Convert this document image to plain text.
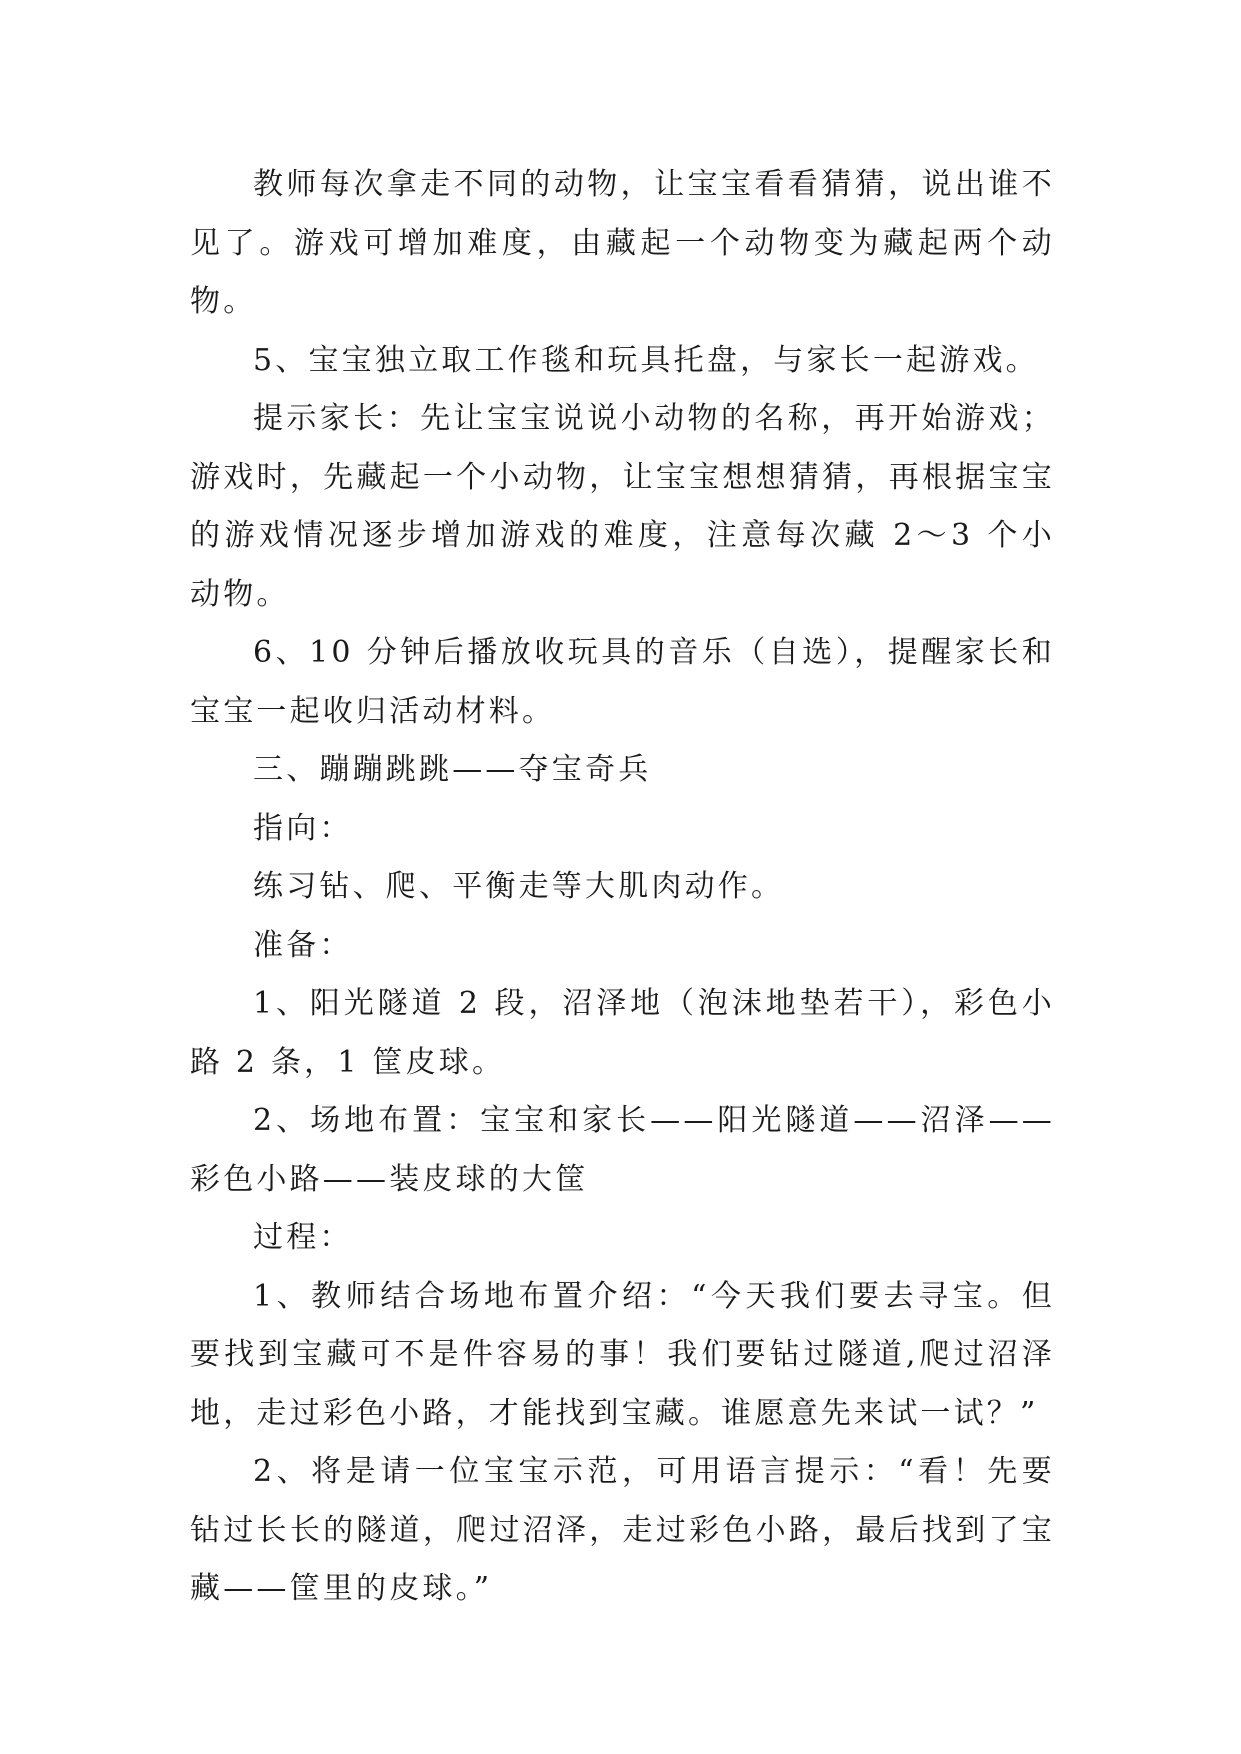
教师每次拿走不同的动物，让宝宝看看猜猜，说出谁不见了。游戏可增加难度，由藏起一个动物变为藏起两个动物。

5、宝宝独立取工作毯和玩具托盘，与家长一起游戏。

提示家长：先让宝宝说说小动物的名称，再开始游戏；游戏时，先藏起一个小动物，让宝宝想想猜猜，再根据宝宝的游戏情况逐步增加游戏的难度，注意每次藏 2～3 个小动物。

6、10 分钟后播放收玩具的音乐（自选），提醒家长和宝宝一起收归活动材料。

三、蹦蹦跳跳——夺宝奇兵

指向：

练习钻、爬、平衡走等大肌肉动作。

准备：

1、阳光隧道 2 段，沼泽地（泡沫地垫若干），彩色小路 2 条，1 筐皮球。

2、场地布置：宝宝和家长——阳光隧道——沼泽——彩色小路——装皮球的大筐

过程：

1、教师结合场地布置介绍：“今天我们要去寻宝。但要找到宝藏可不是件容易的事！我们要钻过隧道,爬过沼泽地，走过彩色小路，才能找到宝藏。谁愿意先来试一试？”

2、将是请一位宝宝示范，可用语言提示：“看！先要钻过长长的隧道，爬过沼泽，走过彩色小路，最后找到了宝藏——筐里的皮球。”
